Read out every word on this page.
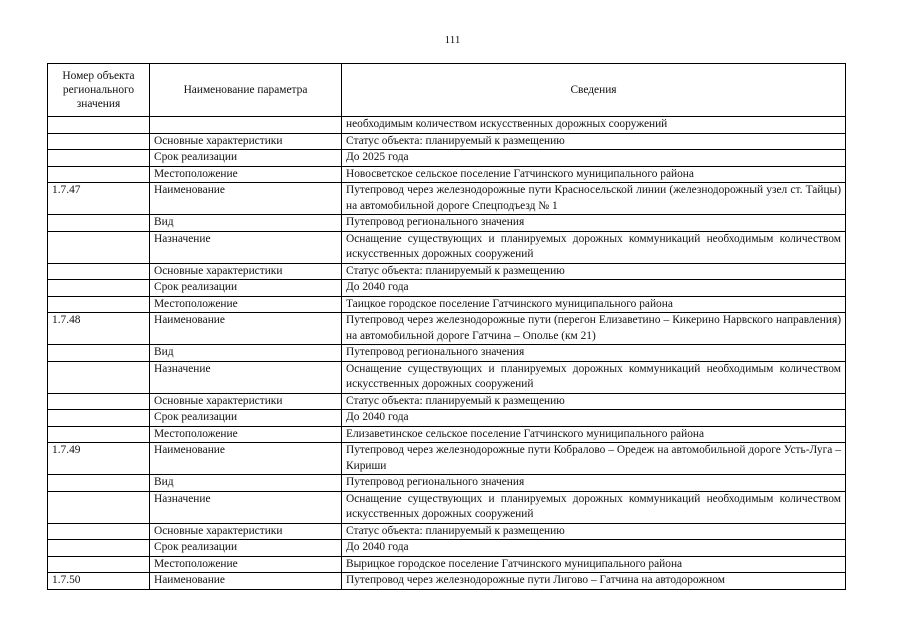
111
Номер объекта регионального значения	Наименование параметра	Сведения
		необходимым количеством искусственных дорожных сооружений
	Основные характеристики	Статус объекта: планируемый к размещению
	Срок реализации	До 2025 года
	Местоположение	Новосветское сельское поселение Гатчинского муниципального района
1.7.47	Наименование	Путепровод через железнодорожные пути Красносельской линии (железнодорожный узел ст. Тайцы) на автомобильной дороге Спецподъезд № 1
	Вид	Путепровод регионального значения
	Назначение	Оснащение существующих и планируемых дорожных коммуникаций необходимым количеством искусственных дорожных сооружений
	Основные характеристики	Статус объекта: планируемый к размещению
	Срок реализации	До 2040 года
	Местоположение	Таицкое городское поселение Гатчинского муниципального района
1.7.48	Наименование	Путепровод через железнодорожные пути (перегон Елизаветино – Кикерино Нарвского направления) на автомобильной дороге Гатчина – Ополье (км 21)
	Вид	Путепровод регионального значения
	Назначение	Оснащение существующих и планируемых дорожных коммуникаций необходимым количеством искусственных дорожных сооружений
	Основные характеристики	Статус объекта: планируемый к размещению
	Срок реализации	До 2040 года
	Местоположение	Елизаветинское сельское поселение Гатчинского муниципального района
1.7.49	Наименование	Путепровод через железнодорожные пути Кобралово – Оредеж на автомобильной дороге Усть-Луга – Кириши
	Вид	Путепровод регионального значения
	Назначение	Оснащение существующих и планируемых дорожных коммуникаций необходимым количеством искусственных дорожных сооружений
	Основные характеристики	Статус объекта: планируемый к размещению
	Срок реализации	До 2040 года
	Местоположение	Вырицкое городское поселение Гатчинского муниципального района
1.7.50	Наименование	Путепровод через железнодорожные пути Лигово – Гатчина на автодорожном
